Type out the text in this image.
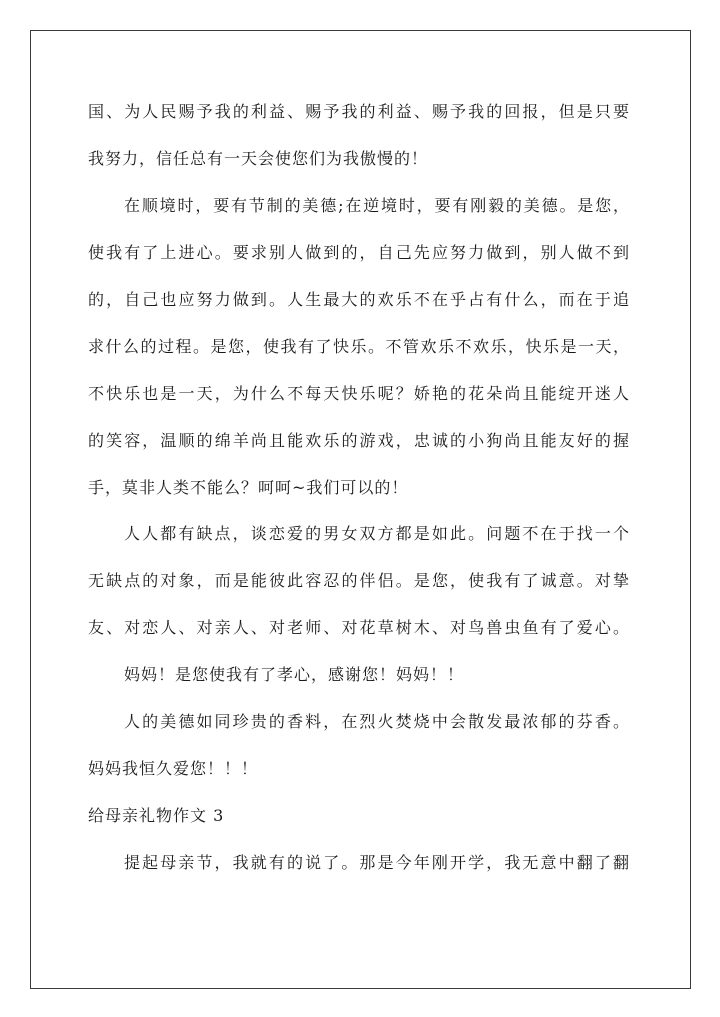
国、为人民赐予我的利益、赐予我的利益、赐予我的回报，但是只要
我努力，信任总有一天会使您们为我傲慢的！
在顺境时，要有节制的美德;在逆境时，要有刚毅的美德。是您，
使我有了上进心。要求别人做到的，自己先应努力做到，别人做不到
的，自己也应努力做到。人生最大的欢乐不在乎占有什么，而在于追
求什么的过程。是您，使我有了快乐。不管欢乐不欢乐，快乐是一天，
不快乐也是一天，为什么不每天快乐呢？娇艳的花朵尚且能绽开迷人
的笑容，温顺的绵羊尚且能欢乐的游戏，忠诚的小狗尚且能友好的握
手，莫非人类不能么？呵呵~我们可以的！
人人都有缺点，谈恋爱的男女双方都是如此。问题不在于找一个
无缺点的对象，而是能彼此容忍的伴侣。是您，使我有了诚意。对挚
友、对恋人、对亲人、对老师、对花草树木、对鸟兽虫鱼有了爱心。
妈妈！是您使我有了孝心，感谢您！妈妈！！
人的美德如同珍贵的香料，在烈火焚烧中会散发最浓郁的芬香。
妈妈我恒久爱您！！！
给母亲礼物作文 3
提起母亲节，我就有的说了。那是今年刚开学，我无意中翻了翻
